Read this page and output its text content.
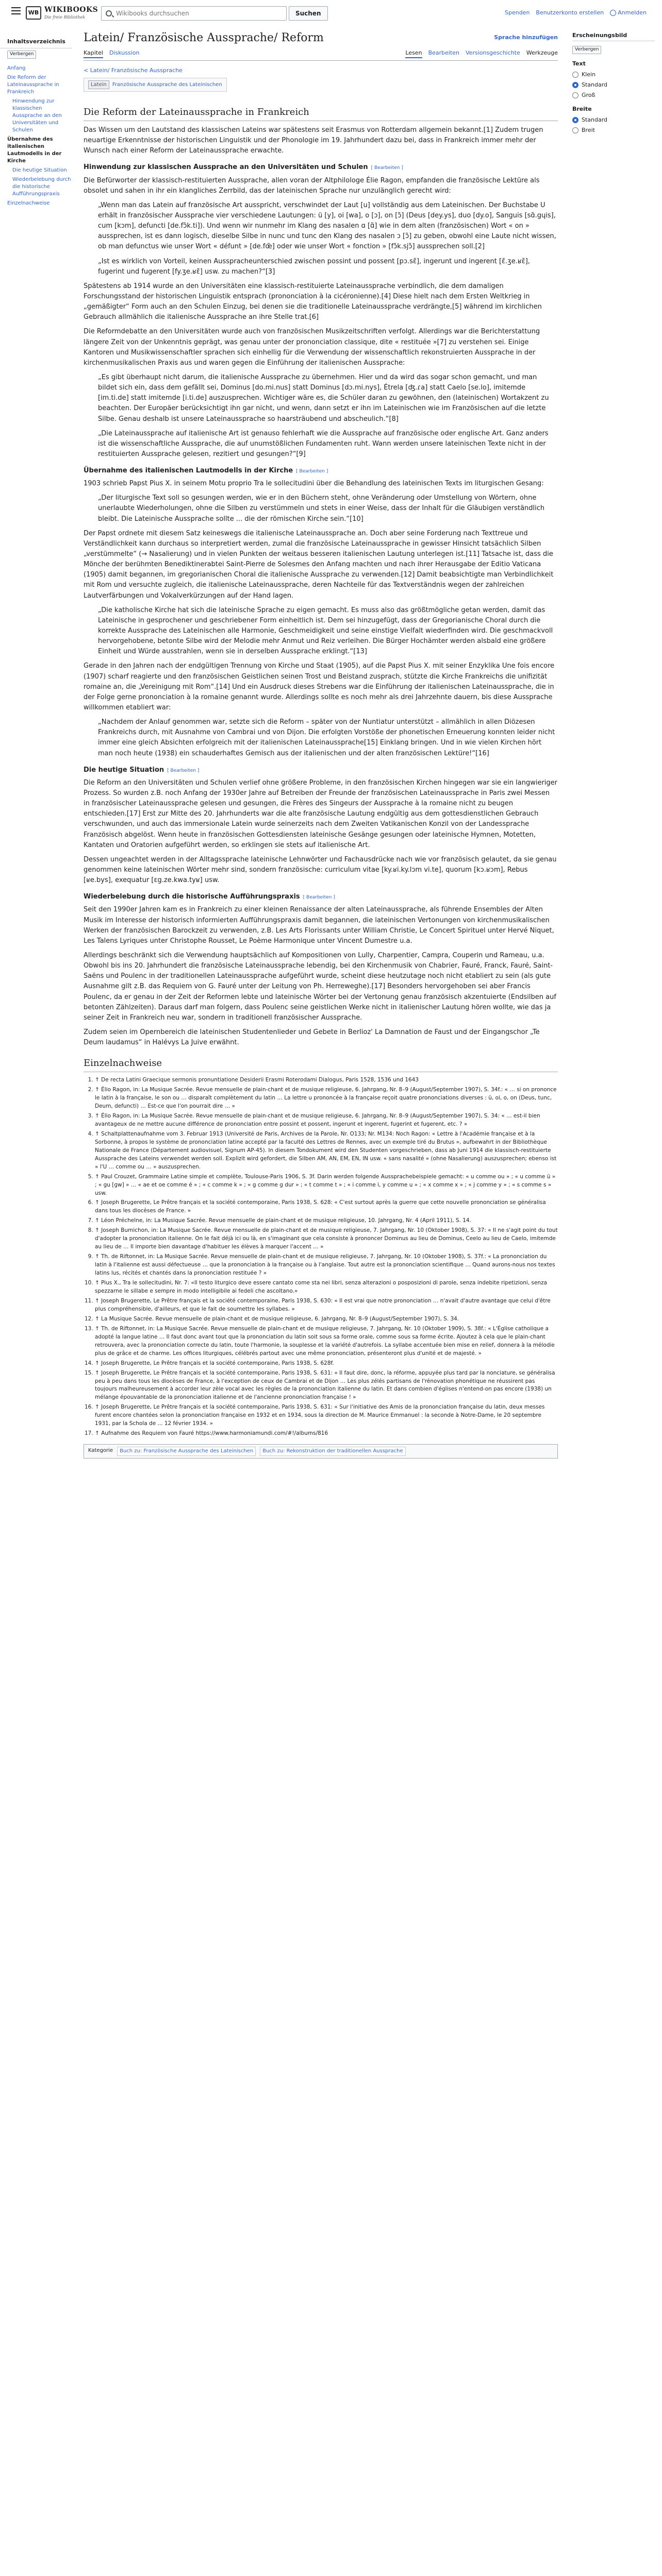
WB WIKIBOOKS
Die freie Bibliothek
Wikibooks durchsuchen
Suchen	Spenden Benutzerkonto erstellen	Anmelden
Inhaltsverzeichnis
Verbergen
Anfang
Die Reform der Lateinaussprache in Frankreich
Hinwendung zur klassischen Aussprache an den Universitäten und Schulen
Übernahme des italienischen Lautmodells in der Kirche
Die heutige Situation
Wiederbelebung durch die historische Aufführungspraxis
Einzelnachweise
Latein/ Französische Aussprache/ Reform	Sprache hinzufügen
Kapitel Diskussion	Lesen Bearbeiten Versionsgeschichte Werkzeuge
< Latein/ Französische Aussprache
Latein	Französische Aussprache des Lateinischen
Die Reform der Lateinaussprache in Frankreich

Das Wissen um den Lautstand des klassischen Lateins war spätestens seit Erasmus von Rotterdam allgemein bekannt.[1] Zudem trugen neuartige Erkenntnisse der historischen Linguistik und der Phonologie im 19. Jahrhundert dazu bei, dass in Frankreich immer mehr der Wunsch nach einer Reform der Lateinaussprache erwachte.

Hinwendung zur klassischen Aussprache an den Universitäten und Schulen [ Bearbeiten ]

Die Befürworter der klassisch-restituierten Aussprache, allen voran der Altphilologe Élie Ragon, empfanden die französische Lektüre als obsolet und sahen in ihr ein klangliches Zerrbild, das der lateinischen Sprache nur unzulänglich gerecht wird:

„Wenn man das Latein auf französische Art ausspricht, verschwindet der Laut [u] vollständig aus dem Lateinischen. Der Buchstabe U erhält in französischer Aussprache vier verschiedene Lautungen: ü [y], oi [wa], o [ɔ], on [ɔ̃] (Deus [dey.ys], duo [dy.o], Sanguis [sɑ̃.gɥis], cum [kɔm], defuncti [de.fɔ̃k.ti]). Und wenn wir nunmehr im Klang des nasalen ɑ [ɑ̃] wie in dem alten (französischen) Wort « on » aussprechen, ist es dann logisch, dieselbe Silbe in nunc und tunc den Klang des nasalen ɔ [ɔ̃] zu geben, obwohl eine Laute nicht wissen, ob man defunctus wie unser Wort « défunt » [de.fœ̃] oder wie unser Wort « fonction » [fɔ̃k.sjɔ̃] aussprechen soll.[2]
„Ist es wirklich von Vorteil, keinen Ausspracheunterschied zwischen possint und possent [pɔ.sɛ̃], ingerunt und ingerent [ɛ̃.ʒe.ʁɛ̃], fugerint und fugerent [fy.ʒe.ʁɛ̃] usw. zu machen?“[3]

Spätestens ab 1914 wurde an den Universitäten eine klassisch-restituierte Lateinaussprache verbindlich, die dem damaligen Forschungsstand der historischen Linguistik entsprach (prononciation à la cicéronienne).[4] Diese hielt nach dem Ersten Weltkrieg in „gemäßigter“ Form auch an den Schulen Einzug, bei denen sie die traditionelle Lateinaussprache verdrängte,[5] während im kirchlichen Gebrauch allmählich die italienische Aussprache an ihre Stelle trat.[6]

Die Reformdebatte an den Universitäten wurde auch von französischen Musikzeitschriften verfolgt. Allerdings war die Berichterstattung längere Zeit von der Unkenntnis geprägt, was genau unter der prononciation classique, dite « restituée »[7] zu verstehen sei. Einige Kantoren und Musikwissenschaftler sprachen sich einhellig für die Verwendung der wissenschaftlich rekonstruierten Aussprache in der kirchenmusikalischen Praxis aus und waren gegen die Einführung der italienischen Aussprache:

„Es gibt überhaupt nicht darum, die italienische Aussprache zu übernehmen. Hier und da wird das sogar schon gemacht, und man bildet sich ein, dass dem gefällt sei, Dominus [do.mi.nus] statt Dominus [dɔ.mi.nys], Étrela [ʤ.ɾa] statt Caelo [se.lo], imitemde [im.ti.de] statt imitemde [i.ti.de] auszusprechen. Wichtiger wäre es, die Schüler daran zu gewöhnen, den (lateinischen) Wortakzent zu beachten. Der Europäer berücksichtigt ihn gar nicht, und wenn, dann setzt er ihn im Lateinischen wie im Französischen auf die letzte Silbe. Genau deshalb ist unsere Lateinaussprache so haarsträubend und abscheulich.“[8]
„Die Lateinaussprache auf italienische Art ist genauso fehlerhaft wie die Aussprache auf französische oder englische Art. Ganz anders ist die wissenschaftliche Aussprache, die auf unumstößlichen Fundamenten ruht. Wann werden unsere lateinischen Texte nicht in der restituierten Aussprache gelesen, rezitiert und gesungen?“[9]
Übernahme des italienischen Lautmodells in der Kirche [ Bearbeiten ]

1903 schrieb Papst Pius X. in seinem Motu proprio Tra le sollecitudini über die Behandlung des lateinischen Texts im liturgischen Gesang:

„Der liturgische Text soll so gesungen werden, wie er in den Büchern steht, ohne Veränderung oder Umstellung von Wörtern, ohne unerlaubte Wiederholungen, ohne die Silben zu verstümmeln und stets in einer Weise, dass der Inhalt für die Gläubigen verständlich bleibt. Die Lateinische Aussprache sollte ... die der römischen Kirche sein.“[10]

Der Papst ordnete mit diesem Satz keineswegs die italienische Lateinaussprache an. Doch aber seine Forderung nach Texttreue und Verständlichkeit kann durchaus so interpretiert werden, zumal die französische Lateinaussprache in gewisser Hinsicht tatsächlich Silben „verstümmelte“ (→ Nasalierung) und in vielen Punkten der weitaus besseren italienischen Lautung unterlegen ist.[11] Tatsache ist, dass die Mönche der berühmten Benediktinerabtei Saint-Pierre de Solesmes den Anfang machten und nach ihrer Herausgabe der Editio Vaticana (1905) damit begannen, im gregorianischen Choral die italienische Aussprache zu verwenden.[12] Damit beabsichtigte man Verbindlichkeit mit Rom und versuchte zugleich, die italienische Lateinaussprache, deren Nachteile für das Textverständnis wegen der zahlreichen Lautverfärbungen und Vokalverkürzungen auf der Hand lagen.

„Die katholische Kirche hat sich die lateinische Sprache zu eigen gemacht. Es muss also das größtmögliche getan werden, damit das Lateinische in gesprochener und geschriebener Form einheitlich ist. Dem sei hinzugefügt, dass der Gregorianische Choral durch die korrekte Aussprache des Lateinischen alle Harmonie, Geschmeidigkeit und seine einstige Vielfalt wiederfinden wird. Die geschmackvoll hervorgehobene, betonte Silbe wird der Melodie mehr Anmut und Reiz verleihen. Die Bürger Hochämter werden alsbald eine größere Einheit und Würde ausstrahlen, wenn sie in derselben Aussprache erklingt.“[13]

Gerade in den Jahren nach der endgültigen Trennung von Kirche und Staat (1905), auf die Papst Pius X. mit seiner Enzyklika Une fois encore (1907) scharf reagierte und den französischen Geistlichen seinen Trost und Beistand zusprach, stützte die Kirche Frankreichs die unifizität romaine an, die „Vereinigung mit Rom“.[14] Und ein Ausdruck dieses Strebens war die Einführung der italienischen Lateinaussprache, die in der Folge gerne prononciation à la romaine genannt wurde. Allerdings sollte es noch mehr als drei Jahrzehnte dauern, bis diese Aussprache willkommen etabliert war:

„Nachdem der Anlauf genommen war, setzte sich die Reform – später von der Nuntiatur unterstützt – allmählich in allen Diözesen Frankreichs durch, mit Ausnahme von Cambrai und von Dijon. Die erfolgten Vorstöße der phonetischen Erneuerung konnten leider nicht immer eine gleich Absichten erfolgreich mit der italienischen Lateinaussprache[15] Einklang bringen. Und in wie vielen Kirchen hört man noch heute (1938) ein schauderhaftes Gemisch aus der italienischen und der alten französischen Lektüre!“[16]
Die heutige Situation [ Bearbeiten ]

Die Reform an den Universitäten und Schulen verlief ohne größere Probleme, in den französischen Kirchen hingegen war sie ein langwieriger Prozess. So wurden z.B. noch Anfang der 1930er Jahre auf Betreiben der Freunde der französischen Lateinaussprache in Paris zwei Messen in französischer Lateinaussprache gelesen und gesungen, die Frères des Singeurs der Aussprache à la romaine nicht zu beugen entschieden.[17] Erst zur Mitte des 20. Jahrhunderts war die alte französische Lautung endgültig aus dem gottesdienstlichen Gebrauch verschwunden, und auch das immersionale Latein wurde seinerzeits nach dem Zweiten Vatikanischen Konzil von der Landessprache Französisch abgelöst. Wenn heute in französischen Gottesdiensten lateinische Gesänge gesungen oder lateinische Hymnen, Motetten, Kantaten und Oratorien aufgeführt werden, so erklingen sie stets auf italienische Art.

Dessen ungeachtet werden in der Alltagssprache lateinische Lehnwörter und Fachausdrücke nach wie vor französisch gelautet, da sie genau genommen keine lateinischen Wörter mehr sind, sondern französische: curriculum vitae [ky.ʁi.ky.lɔm vi.te], quorum [kɔ.ʁɔm], Rebus [ʁe.bys], exequatur [ɛg.ze.kwa.tyʁ] usw.

Wiederbelebung durch die historische Aufführungspraxis [ Bearbeiten ]

Seit den 1990er Jahren kam es in Frankreich zu einer kleinen Renaissance der alten Lateinaussprache, als führende Ensembles der Alten Musik im Interesse der historisch informierten Aufführungspraxis damit begannen, die lateinischen Vertonungen von kirchenmusikalischen Werken der französischen Barockzeit zu verwenden, z.B. Les Arts Florissants unter William Christie, Le Concert Spirituel unter Hervé Niquet, Les Talens Lyriques unter Christophe Rousset, Le Poème Harmonique unter Vincent Dumestre u.a.

Allerdings beschränkt sich die Verwendung hauptsächlich auf Kompositionen von Lully, Charpentier, Campra, Couperin und Rameau, u.a. Obwohl bis ins 20. Jahrhundert die französische Lateinaussprache lebendig, bei den Kirchenmusik von Chabrier, Fauré, Franck, Fauré, Saint-Saëns und Poulenc in der traditionellen Lateinaussprache aufgeführt wurde, scheint diese heutzutage noch nicht etabliert zu sein (als gute Ausnahme gilt z.B. das Requiem von G. Fauré unter der Leitung von Ph. Herreweghe).[17] Besonders hervorgehoben sei aber Francis Poulenc, da er genau in der Zeit der Reformen lebte und lateinische Wörter bei der Vertonung genau französisch akzentuierte (Endsilben auf betonten Zählzeiten). Daraus darf man folgern, dass Poulenc seine geistlichen Werke nicht in italienischer Lautung hören wollte, wie das ja seiner Zeit in Frankreich neu war, sondern in traditionell französischer Aussprache.

Zudem seien im Opernbereich die lateinischen Studentenlieder und Gebete in Berlioz' La Damnation de Faust und der Eingangschor „Te Deum laudamus“ in Halévys La Juive erwähnt.

Einzelnachweise
1. ↑ De recta Latini Graecique sermonis pronuntiatione Desiderii Erasmi Roterodami Dialogus, Paris 1528, 1536 und 1643
2. ↑ Élio Ragon, in: La Musique Sacrée. Revue mensuelle de plain-chant et de musique religieuse, 6. Jahrgang, Nr. 8–9 (August/September 1907), S. 34f.: « … si on prononce le latin à la française, le son ou … disparaît complètement du latin … La lettre u prononcée à la française reçoit quatre prononciations diverses : ü, oi, o, on (Deus, tunc, Deum, defuncti) … Est-ce que l'on pourrait dire … »
3. ↑ Élio Ragon, in: La Musique Sacrée. Revue mensuelle de plain-chant et de musique religieuse, 6. Jahrgang, Nr. 8–9 (August/September 1907), S. 34: « … est-il bien avantageux de ne mettre aucune différence de prononciation entre possint et possent, ingerunt et ingerent, fugerint et fugerent, etc. ? »
4. ↑ Schaltplattenaufnahme vom 3. Februar 1913 (Université de Paris, Archives de la Parole, Nr. O133; Nr. M134: Noch Ragon: « Lettre à l'Académie française et à la Sorbonne, à propos le système de prononciation latine accepté par la faculté des Lettres de Rennes, avec un exemple tiré du Brutus », aufbewahrt in der Bibliothèque Nationale de France (Département audiovisuel, Signum AP-45). In diesem Tondokument wird den Studenten vorgeschrieben, dass ab Juni 1914 die klassisch-restituierte Aussprache des Lateins verwendet werden soll. Explizit wird gefordert, die Silben AM, AN, EM, EN, IN usw. « sans nasalité » (ohne Nasalierung) auszusprechen; ebenso ist « l'U … comme ou … » auszusprechen.
5. ↑ Paul Crouzet, Grammaire Latine simple et complète, Toulouse-Paris 1906, S. 3f. Darin werden folgende Aussprachebeispiele gemacht: « u comme ou » ; « u comme ü » ; « gu [ɡw] » … « ae et oe comme é » ; « c comme k » ; « g comme g dur » ; « t comme t » ; « i comme i, y comme u » ; « x comme x » ; « j comme y » ; « s comme s » usw.
6. ↑ Joseph Brugerette, Le Prêtre français et la société contemporaine, Paris 1938, S. 628: « C'est surtout après la guerre que cette nouvelle prononciation se généralisa dans tous les diocèses de France. »
7. ↑ Léon Préchelne, in: La Musique Sacrée. Revue mensuelle de plain-chant et de musique religieuse, 10. Jahrgang, Nr. 4 (April 1911), S. 14.
8. ↑ Joseph Bumichon, in: La Musique Sacrée. Revue mensuelle de plain-chant et de musique religieuse, 7. Jahrgang, Nr. 10 (Oktober 1908), S. 37: « Il ne s'agit point du tout d'adopter la prononciation italienne. On le fait déjà ici ou là, en s'imaginant que cela consiste à prononcer Dominus au lieu de Dominus, Ceelo au lieu de Caelo, imitemde au lieu de … Il importe bien davantage d'habituer les élèves à marquer l'accent … »
9. ↑ Th. de Riftonnet, in: La Musique Sacrée. Revue mensuelle de plain-chant et de musique religieuse, 7. Jahrgang, Nr. 10 (Oktober 1908), S. 37f.: « La prononciation du latin à l'italienne est aussi défectueuse … que la prononciation à la française ou à l'anglaise. Tout autre est la prononciation scientifique … Quand aurons-nous nos textes latins lus, récités et chantés dans la prononciation restituée ? »
10. ↑ Pius X., Tra le sollecitudini, Nr. 7: «Il testo liturgico deve essere cantato come sta nei libri, senza alterazioni o posposizioni di parole, senza indebite ripetizioni, senza spezzarne le sillabe e sempre in modo intelligibile ai fedeli che ascoltano.»
11. ↑ Joseph Brugerette, Le Prêtre français et la société contemporaine, Paris 1938, S. 630: « Il est vrai que notre prononciation … n'avait d'autre avantage que celui d'être plus compréhensible, d'ailleurs, et que le fait de soumettre les syllabes. »
12. ↑ La Musique Sacrée. Revue mensuelle de plain-chant et de musique religieuse, 6. Jahrgang, Nr. 8–9 (August/September 1907), S. 34.
13. ↑ Th. de Riftonnet, in: La Musique Sacrée. Revue mensuelle de plain-chant et de musique religieuse, 7. Jahrgang, Nr. 10 (Oktober 1909), S. 38f.: « L'Église catholique a adopté la langue latine … Il faut donc avant tout que la prononciation du latin soit sous sa forme orale, comme sous sa forme écrite. Ajoutez à cela que le plain-chant retrouvera, avec la prononciation correcte du latin, toute l'harmonie, la souplesse et la variété d'autrefois. La syllabe accentuée bien mise en relief, donnera à la mélodie plus de grâce et de charme. Les offices liturgiques, célébrés partout avec une même prononciation, présenteront plus d'unité et de majesté. »
14. ↑ Joseph Brugerette, Le Prêtre français et la société contemporaine, Paris 1938, S. 628f.
15. ↑ Joseph Brugerette, Le Prêtre français et la société contemporaine, Paris 1938, S. 631: « Il faut dire, donc, la réforme, appuyée plus tard par la nonciature, se généralisa peu à peu dans tous les diocèses de France, à l'exception de ceux de Cambrai et de Dijon … Les plus zélés partisans de l'rénovation phonétique ne réussirent pas toujours malheureusement à accorder leur zèle vocal avec les règles de la prononciation italienne du latin. Et dans combien d'églises n'entend-on pas encore (1938) un mélange épouvantable de la prononciation italienne et de l'ancienne prononciation française ! »
16. ↑ Joseph Brugerette, Le Prêtre français et la société contemporaine, Paris 1938, S. 631: « Sur l'initiative des Amis de la prononciation française du latin, deux messes furent encore chantées selon la prononciation française en 1932 et en 1934, sous la direction de M. Maurice Emmanuel : la seconde à Notre-Dame, le 20 septembre 1931, par la Schola de ... 12 février 1934. »
17. ↑ Aufnahme des Requiem von Fauré https://www.harmoniamundi.com/#!/albums/816
Kategorie	Buch zu: Französische Aussprache des Lateinischen	Buch zu: Rekonstruktion der traditionellen Aussprache
Erscheinungsbild
Verbergen
Text
Klein
Standard
Groß
Breite
Standard
Breit
